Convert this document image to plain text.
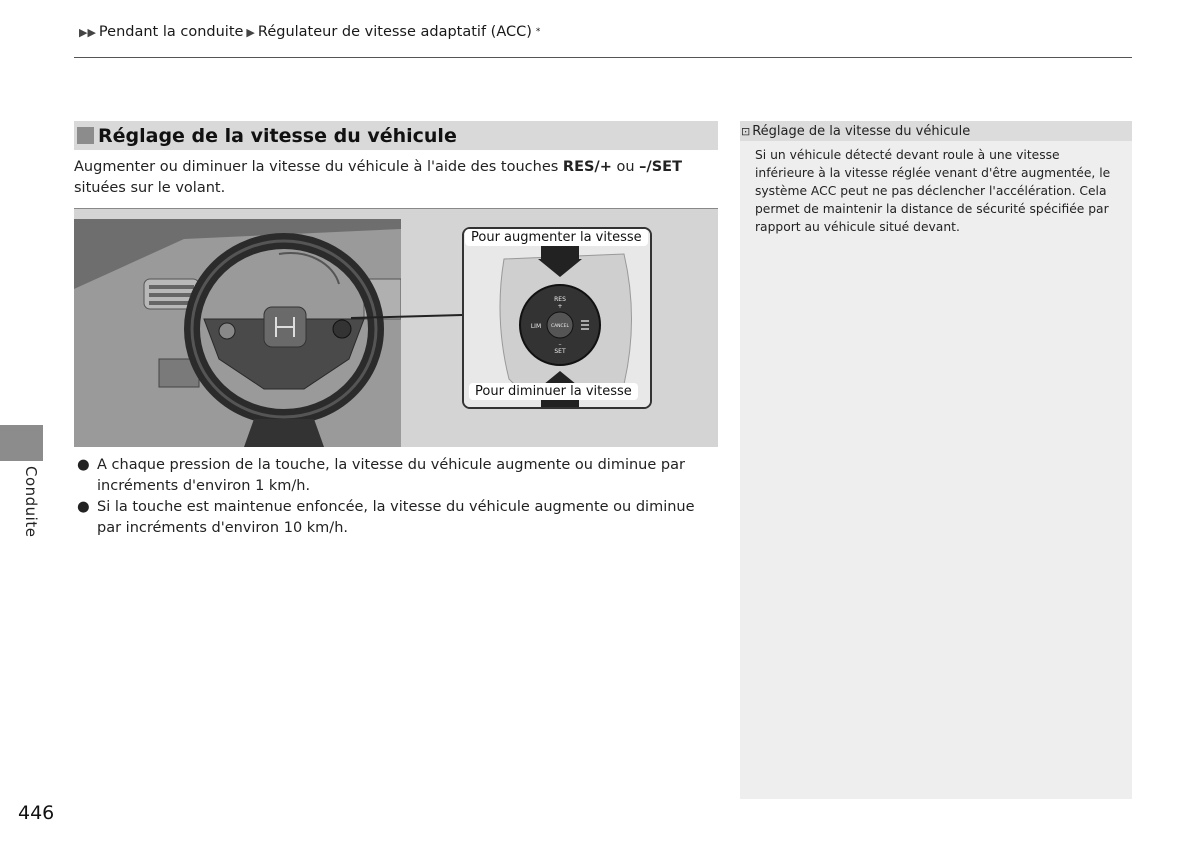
▶▶ Pendant la conduite ▶ Régulateur de vitesse adaptatif (ACC) *
Réglage de la vitesse du véhicule
Augmenter ou diminuer la vitesse du véhicule à l'aide des touches RES/+ ou –/SET situées sur le volant.
RES
+
LIM CANCEL
–
SET
Pour augmenter la vitesse
Pour diminuer la vitesse
● A chaque pression de la touche, la vitesse du véhicule augmente ou diminue par incréments d'environ 1 km/h.
● Si la touche est maintenue enfoncée, la vitesse du véhicule augmente ou diminue par incréments d'environ 10 km/h.
⊡ Réglage de la vitesse du véhicule
Si un véhicule détecté devant roule à une vitesse inférieure à la vitesse réglée venant d'être augmentée, le système ACC peut ne pas déclencher l'accélération. Cela permet de maintenir la distance de sécurité spécifiée par rapport au véhicule situé devant.
Conduite
446
